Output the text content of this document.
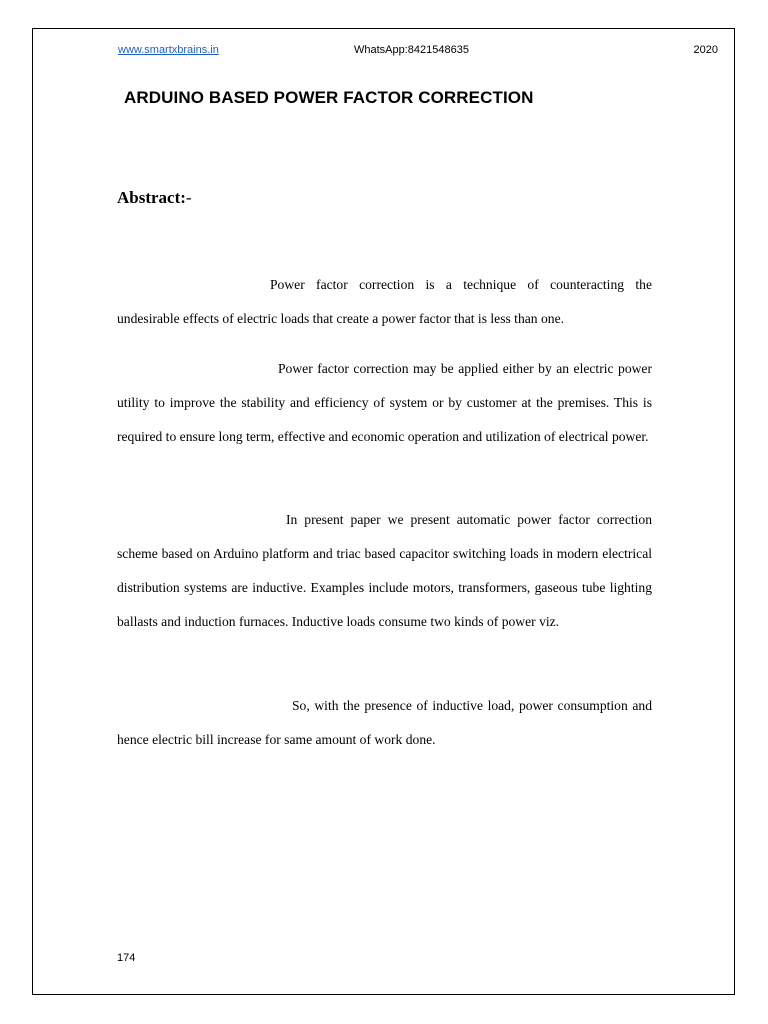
www.smartxbrains.in	WhatsApp:8421548635	2020
ARDUINO BASED POWER FACTOR CORRECTION
Abstract:-

Power factor correction is a technique of counteracting the undesirable effects of electric loads that create a power factor that is less than one.

Power factor correction may be applied either by an electric power utility to improve the stability and efficiency of system or by customer at the premises. This is required to ensure long term, effective and economic operation and utilization of electrical power.

In present paper we present automatic power factor correction scheme based on Arduino platform and triac based capacitor switching loads in modern electrical distribution systems are inductive. Examples include motors, transformers, gaseous tube lighting ballasts and induction furnaces. Inductive loads consume two kinds of power viz.

So, with the presence of inductive load, power consumption and hence electric bill increase for same amount of work done.

174
